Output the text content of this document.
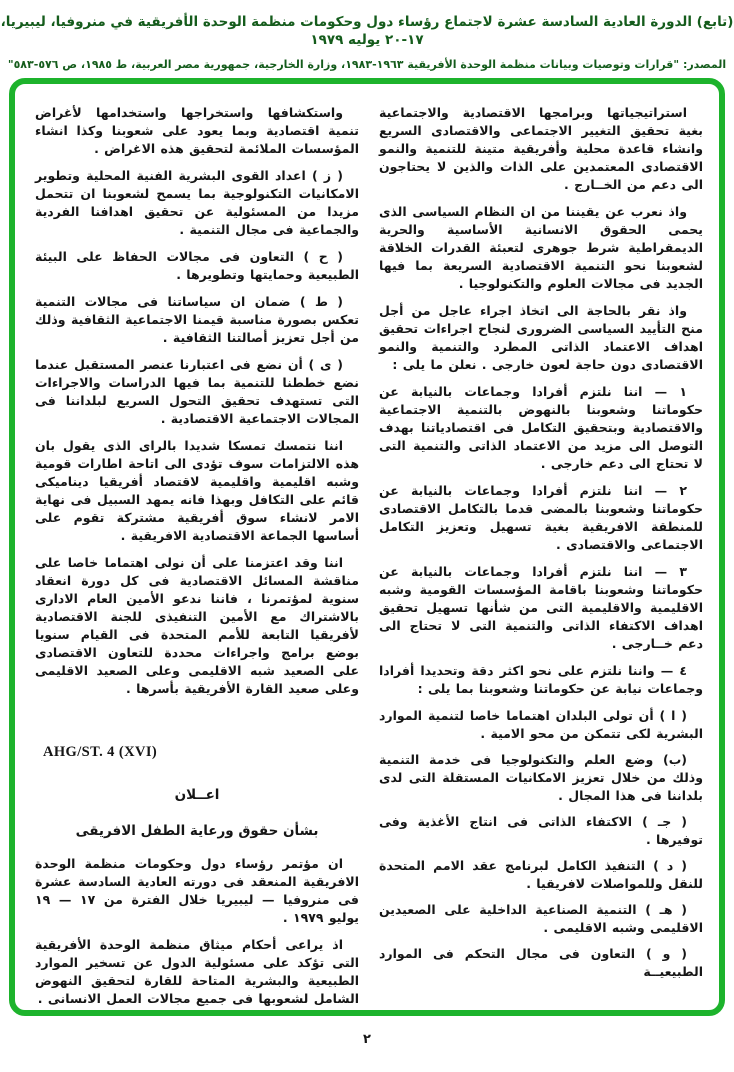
(تابع) الدورة العادية السادسة عشرة لاجتماع رؤساء دول وحكومات منظمة الوحدة الأفريقية في منروفيا، ليبيريا، ١٧-٢٠ يوليه ١٩٧٩
المصدر: "قرارات وتوصيات وبيانات منظمة الوحدة الأفريقية ١٩٦٣-١٩٨٣، وزارة الخارجية، جمهورية مصر العربية، ط ١٩٨٥، ص ٥٧٦-٥٨٣"

استراتيجياتها وبرامجها الاقتصادية والاجتماعية بغية تحقيق التغيير الاجتماعى والاقتصادى السريع وانشاء قاعدة محلية وأفريقية متينة للتنمية والنمو الاقتصادى المعتمدين على الذات والذين لا يحتاجون الى دعم من الخــارج .

واذ نعرب عن يقيننا من ان النظام السياسى الذى يحمى الحقوق الانسانية الأساسية والحرية الديمقراطية شرط جوهرى لتعبئة القدرات الخلاقة لشعوبنا نحو التنمية الاقتصادية السريعة بما فيها الجديد فى مجالات العلوم والتكنولوجيا .

واذ نقر بالحاجة الى اتخاذ اجراء عاجل من أجل منح التأييد السياسى الضرورى لنجاح اجراءات تحقيق اهداف الاعتماد الذاتى المطرد والتنمية والنمو الاقتصادى دون حاجة لعون خارجى . نعلن ما يلى :

١ — اننا نلتزم أفرادا وجماعات بالنيابة عن حكوماتنا وشعوبنا بالنهوض بالتنمية الاجتماعية والاقتصادية وبتحقيق التكامل فى اقتصادياتنا بهدف التوصل الى مزيد من الاعتماد الذاتى والتنمية التى لا تحتاج الى دعم خارجى .

٢ — اننا نلتزم أفرادا وجماعات بالنيابة عن حكوماتنا وشعوبنا بالمضى قدما بالتكامل الاقتصادى للمنطقة الافريقية بغية تسهيل وتعزيز التكامل الاجتماعى والاقتصادى .

٣ — اننا نلتزم أفرادا وجماعات بالنيابة عن حكوماتنا وشعوبنا باقامة المؤسسات القومية وشبه الاقليمية والاقليمية التى من شأنها تسهيل تحقيق اهداف الاكتفاء الذاتى والتنمية التى لا تحتاج الى دعم خــارجى .

٤ — واننا نلتزم على نحو اكثر دقة وتحديدا أفرادا وجماعات نيابة عن حكوماتنا وشعوبنا بما يلى :

( ا ) أن تولى البلدان اهتماما خاصا لتنمية الموارد البشرية لكى تتمكن من محو الامية .

(ب) وضع العلم والتكنولوجيا فى خدمة التنمية وذلك من خلال تعزيز الامكانيات المستقلة التى لدى بلداننا فى هذا المجال .

( جـ ) الاكتفاء الذاتى فى انتاج الأغذية وفى توفيرها .

( د ) التنفيذ الكامل لبرنامج عقد الامم المتحدة للنقل وللمواصلات لافريقيا .

( هـ ) التنمية الصناعية الداخلية على الصعيدين الاقليمى وشبه الاقليمى .

( و ) التعاون فى مجال التحكم فى الموارد الطبيعيــة

واستكشافها واستخراجها واستخدامها لأغراض تنمية اقتصادية وبما يعود على شعوبنا وكذا انشاء المؤسسات الملائمة لتحقيق هذه الاغراض .

( ز ) اعداد القوى البشرية الفنية المحلية وتطوير الامكانيات التكنولوجية بما يسمح لشعوبنا ان تتحمل مزيدا من المسئولية عن تحقيق اهدافنا الفردية والجماعية فى مجال التنمية .

( ح ) التعاون فى مجالات الحفاظ على البيئة الطبيعية وحمايتها وتطويرها .

( ط ) ضمان ان سياساتنا فى مجالات التنمية تعكس بصورة مناسبة قيمنا الاجتماعية الثقافية وذلك من أجل تعزيز أصالتنا الثقافية .

( ى ) أن نضع فى اعتبارنا عنصر المستقبل عندما نضع خططنا للتنمية بما فيها الدراسات والاجراءات التى تستهدف تحقيق التحول السريع لبلداننا فى المجالات الاجتماعية الاقتصادية .

اننا نتمسك تمسكا شديدا بالراى الذى يقول بان هذه الالتزامات سوف تؤدى الى اتاحة اطارات قومية وشبه اقليمية واقليمية لاقتصاد أفريقيا ديناميكى قائم على التكافل وبهذا فانه يمهد السبيل فى نهاية الامر لانشاء سوق أفريقية مشتركة تقوم على أساسها الجماعة الاقتصادية الافريقية .

اننا وقد اعتزمنا على أن نولى اهتماما خاصا على مناقشة المسائل الاقتصادية فى كل دورة انعقاد سنوية لمؤتمرنا ، فاننا ندعو الأمين العام الادارى بالاشتراك مع الأمين التنفيذى للجنة الاقتصادية لأفريقيا التابعة للأمم المتحدة فى القيام سنويا بوضع برامج واجراءات محددة للتعاون الاقتصادى على الصعيد شبه الاقليمى وعلى الصعيد الاقليمى وعلى صعيد القارة الأفريقية بأسرها .

AHG/ST. 4 (XVI)
اعــلان
بشأن حقوق ورعاية الطفل الافريقى

ان مؤتمر رؤساء دول وحكومات منظمة الوحدة الافريقية المنعقد فى دورته العادية السادسة عشرة فى منروفيا — ليبيريا خلال الفترة من ١٧ — ١٩ يوليو ١٩٧٩ .

اذ يراعى أحكام ميثاق منظمة الوحدة الأفريقية التى تؤكد على مسئولية الدول عن تسخير الموارد الطبيعية والبشرية المتاحة للقارة لتحقيق النهوض الشامل لشعوبها فى جميع مجالات العمل الانسانى .

٢
